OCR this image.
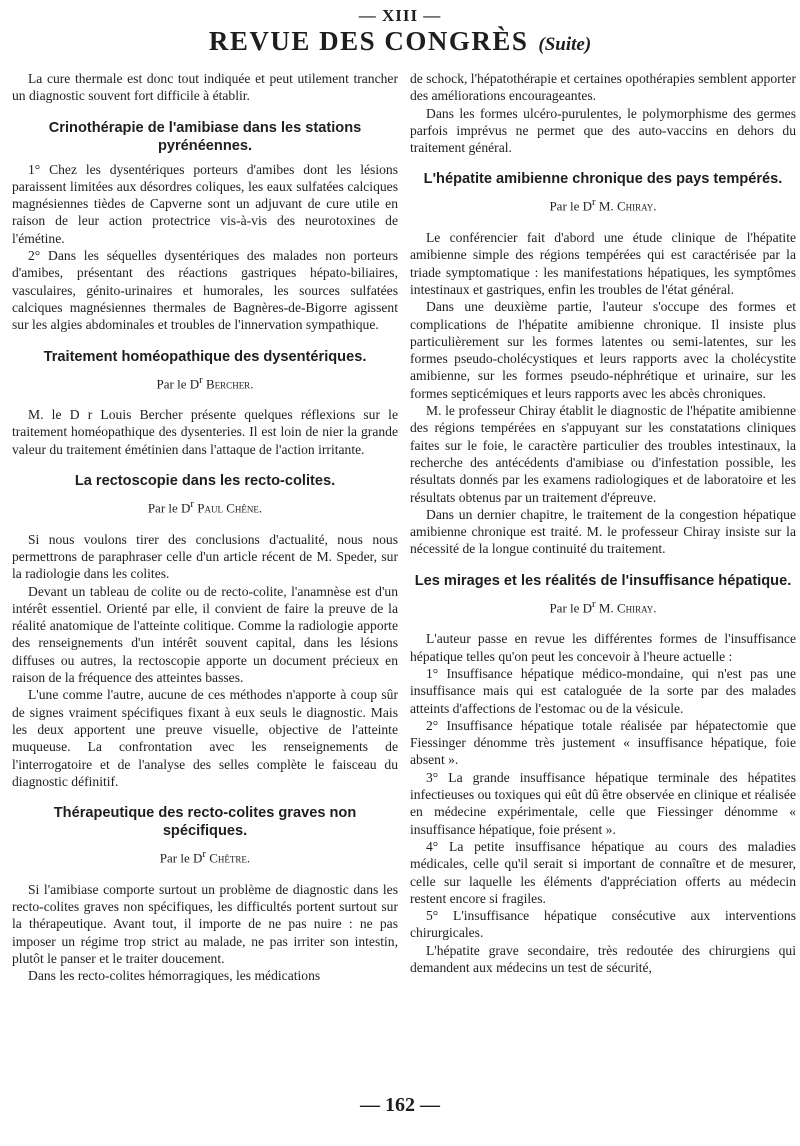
— XIII —
REVUE DES CONGRÈS (Suite)

La cure thermale est donc tout indiquée et peut utilement trancher un diagnostic souvent fort difficile à établir.

Crinothérapie de l'amibiase dans les stations pyrénéennes.

1° Chez les dysentériques porteurs d'amibes dont les lésions paraissent limitées aux désordres coliques, les eaux sulfatées calciques magnésiennes tièdes de Capverne sont un adjuvant de cure utile en raison de leur action protectrice vis-à-vis des neurotoxines de l'émétine.

2° Dans les séquelles dysentériques des malades non porteurs d'amibes, présentant des réactions gastriques hépato-biliaires, vasculaires, génito-urinaires et humorales, les sources sulfatées calciques magnésiennes thermales de Bagnères-de-Bigorre agissent sur les algies abdominales et troubles de l'innervation sympathique.

Traitement homéopathique des dysentériques.
Par le $D^r$ Bercher.

M. le D r Louis Bercher présente quelques réflexions sur le traitement homéopathique des dysenteries. Il est loin de nier la grande valeur du traitement émétinien dans l'attaque de l'action irritante.

La rectoscopie dans les recto-colites.
Par le $D^r$ Paul Chêne.

Si nous voulons tirer des conclusions d'actualité, nous nous permettrons de paraphraser celle d'un article récent de M. Speder, sur la radiologie dans les colites.

Devant un tableau de colite ou de recto-colite, l'anamnèse est d'un intérêt essentiel. Orienté par elle, il convient de faire la preuve de la réalité anatomique de l'atteinte colitique. Comme la radiologie apporte des renseignements d'un intérêt souvent capital, dans les lésions diffuses ou autres, la rectoscopie apporte un document précieux en raison de la fréquence des atteintes basses.

L'une comme l'autre, aucune de ces méthodes n'apporte à coup sûr de signes vraiment spécifiques fixant à eux seuls le diagnostic. Mais les deux apportent une preuve visuelle, objective de l'atteinte muqueuse. La confrontation avec les renseignements de l'interrogatoire et de l'analyse des selles complète le faisceau du diagnostic définitif.

Thérapeutique des recto-colites graves non spécifiques.
Par le $D^r$ Chêtre.

Si l'amibiase comporte surtout un problème de diagnostic dans les recto-colites graves non spécifiques, les difficultés portent surtout sur la thérapeutique. Avant tout, il importe de ne pas nuire : ne pas imposer un régime trop strict au malade, ne pas irriter son intestin, plutôt le panser et le traiter doucement.

Dans les recto-colites hémorragiques, les médications

de schock, l'hépatothérapie et certaines opothérapies semblent apporter des améliorations encourageantes.

Dans les formes ulcéro-purulentes, le polymorphisme des germes parfois imprévus ne permet que des auto-vaccins en dehors du traitement général.

L'hépatite amibienne chronique des pays tempérés.
Par le $D^r$ M. Chiray.

Le conférencier fait d'abord une étude clinique de l'hépatite amibienne simple des régions tempérées qui est caractérisée par la triade symptomatique : les manifestations hépatiques, les symptômes intestinaux et gastriques, enfin les troubles de l'état général.

Dans une deuxième partie, l'auteur s'occupe des formes et complications de l'hépatite amibienne chronique. Il insiste plus particulièrement sur les formes latentes ou semi-latentes, sur les formes pseudo-cholécystiques et leurs rapports avec la cholécystite amibienne, sur les formes pseudo-néphrétique et urinaire, sur les formes septicémiques et leurs rapports avec les abcès chroniques.

M. le professeur Chiray établit le diagnostic de l'hépatite amibienne des régions tempérées en s'appuyant sur les constatations cliniques faites sur le foie, le caractère particulier des troubles intestinaux, la recherche des antécédents d'amibiase ou d'infestation possible, les résultats donnés par les examens radiologiques et de laboratoire et les résultats obtenus par un traitement d'épreuve.

Dans un dernier chapitre, le traitement de la congestion hépatique amibienne chronique est traité. M. le professeur Chiray insiste sur la nécessité de la longue continuité du traitement.

Les mirages et les réalités de l'insuffisance hépatique.
Par le $D^r$ M. Chiray.

L'auteur passe en revue les différentes formes de l'insuffisance hépatique telles qu'on peut les concevoir à l'heure actuelle :

1° Insuffisance hépatique médico-mondaine, qui n'est pas une insuffisance mais qui est cataloguée de la sorte par des malades atteints d'affections de l'estomac ou de la vésicule.

2° Insuffisance hépatique totale réalisée par hépatectomie que Fiessinger dénomme très justement « insuffisance hépatique, foie absent ».

3° La grande insuffisance hépatique terminale des hépatites infectieuses ou toxiques qui eût dû être observée en clinique et réalisée en médecine expérimentale, celle que Fiessinger dénomme « insuffisance hépatique, foie présent ».

4° La petite insuffisance hépatique au cours des maladies médicales, celle qu'il serait si important de connaître et de mesurer, celle sur laquelle les éléments d'appréciation offerts au médecin restent encore si fragiles.

5° L'insuffisance hépatique consécutive aux interventions chirurgicales.

L'hépatite grave secondaire, très redoutée des chirurgiens qui demandent aux médecins un test de sécurité,

— 162 —
